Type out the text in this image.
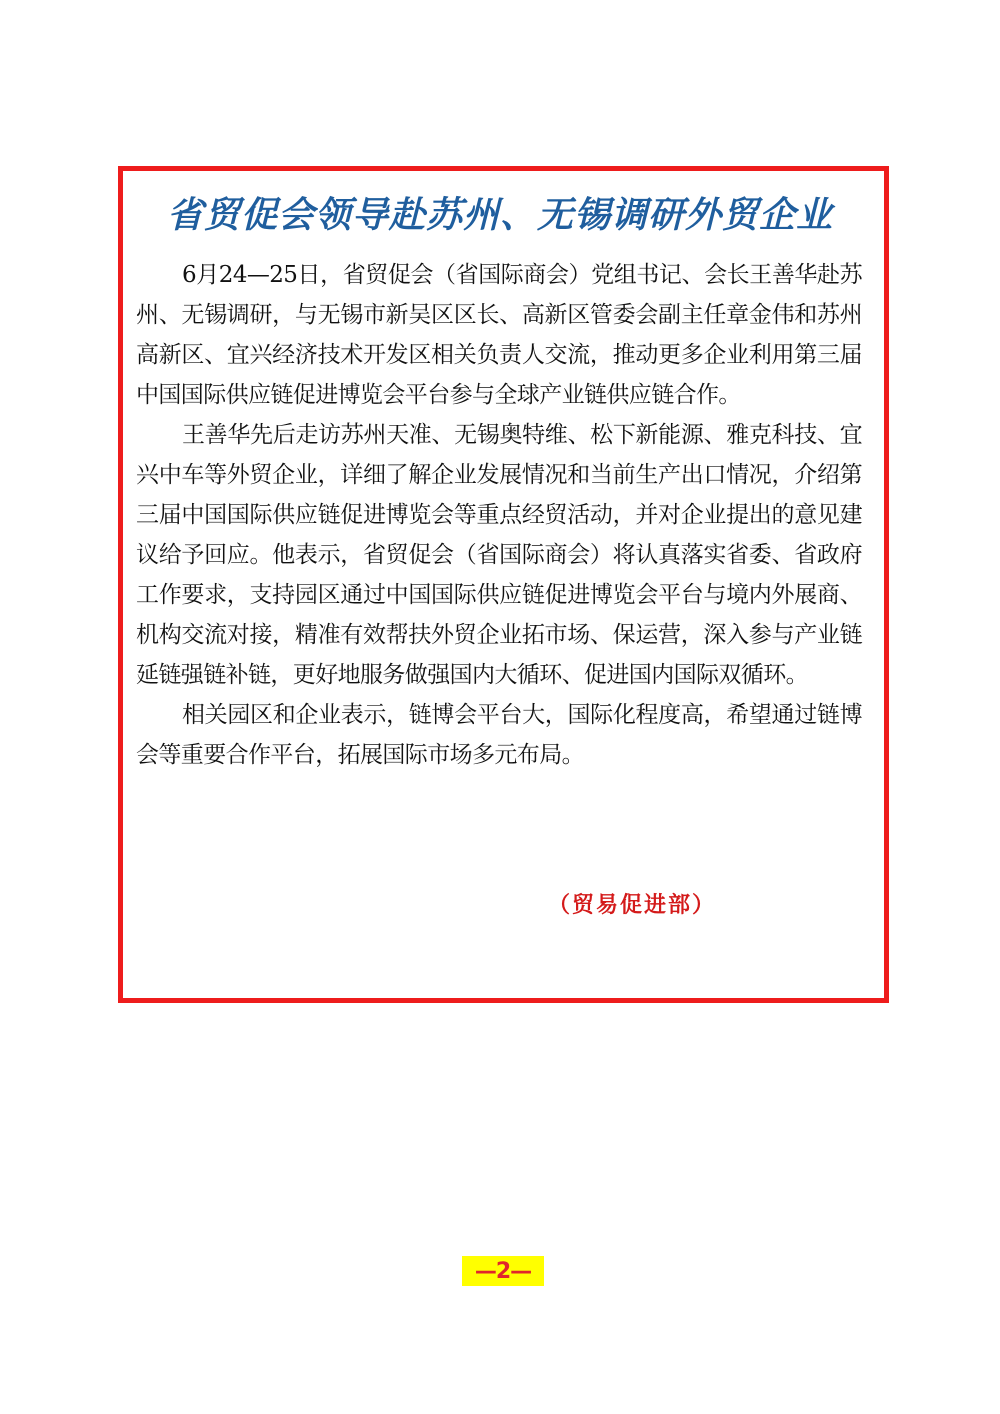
省贸促会领导赴苏州、无锡调研外贸企业

6月24—25日，省贸促会（省国际商会）党组书记、会长王善华赴苏州、无锡调研，与无锡市新吴区区长、高新区管委会副主任章金伟和苏州高新区、宜兴经济技术开发区相关负责人交流，推动更多企业利用第三届中国国际供应链促进博览会平台参与全球产业链供应链合作。

王善华先后走访苏州天准、无锡奥特维、松下新能源、雅克科技、宜兴中车等外贸企业，详细了解企业发展情况和当前生产出口情况，介绍第三届中国国际供应链促进博览会等重点经贸活动，并对企业提出的意见建议给予回应。他表示，省贸促会（省国际商会）将认真落实省委、省政府工作要求，支持园区通过中国国际供应链促进博览会平台与境内外展商、机构交流对接，精准有效帮扶外贸企业拓市场、保运营，深入参与产业链延链强链补链，更好地服务做强国内大循环、促进国内国际双循环。

相关园区和企业表示，链博会平台大，国际化程度高，希望通过链博会等重要合作平台，拓展国际市场多元布局。

（贸易促进部）
—2—
